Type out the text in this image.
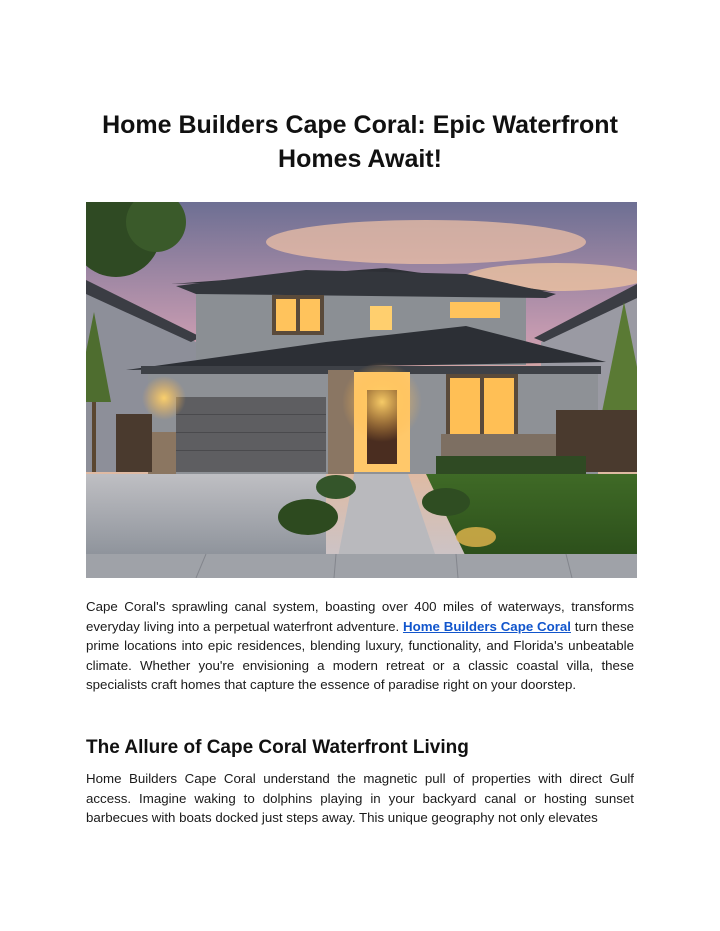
Home Builders Cape Coral: Epic Waterfront Homes Await!

Cape Coral's sprawling canal system, boasting over 400 miles of waterways, transforms everyday living into a perpetual waterfront adventure. Home Builders Cape Coral turn these prime locations into epic residences, blending luxury, functionality, and Florida's unbeatable climate. Whether you're envisioning a modern retreat or a classic coastal villa, these specialists craft homes that capture the essence of paradise right on your doorstep.

The Allure of Cape Coral Waterfront Living

Home Builders Cape Coral understand the magnetic pull of properties with direct Gulf access. Imagine waking to dolphins playing in your backyard canal or hosting sunset barbecues with boats docked just steps away. This unique geography not only elevates
